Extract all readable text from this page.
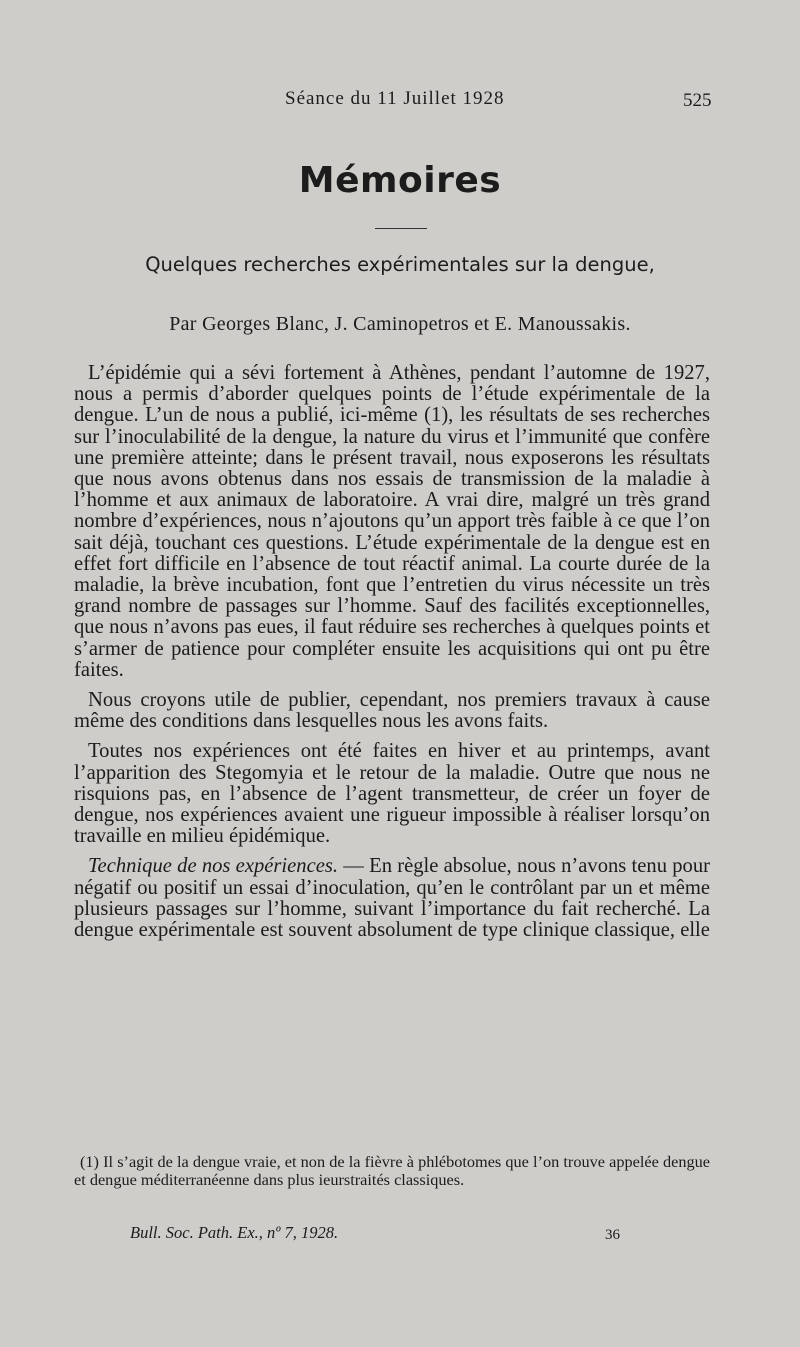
Séance du 11 Juillet 1928	525
Mémoires
Quelques recherches expérimentales sur la dengue,
Par Georges Blanc, J. Caminopetros et E. Manoussakis.

L’épidémie qui a sévi fortement à Athènes, pendant l’automne de 1927, nous a permis d’aborder quelques points de l’étude expérimentale de la dengue. L’un de nous a publié, ici-même (1), les résultats de ses recherches sur l’inoculabilité de la dengue, la nature du virus et l’immunité que confère une première atteinte; dans le présent travail, nous exposerons les résultats que nous avons obtenus dans nos essais de transmission de la maladie à l’homme et aux animaux de laboratoire. A vrai dire, malgré un très grand nombre d’expériences, nous n’ajoutons qu’un apport très faible à ce que l’on sait déjà, touchant ces questions. L’étude expérimentale de la dengue est en effet fort difficile en l’absence de tout réactif animal. La courte durée de la maladie, la brève incubation, font que l’entretien du virus nécessite un très grand nombre de passages sur l’homme. Sauf des facilités exceptionnelles, que nous n’avons pas eues, il faut réduire ses recherches à quelques points et s’armer de patience pour compléter ensuite les acquisitions qui ont pu être faites.

Nous croyons utile de publier, cependant, nos premiers travaux à cause même des conditions dans lesquelles nous les avons faits.

Toutes nos expériences ont été faites en hiver et au printemps, avant l’apparition des Stegomyia et le retour de la maladie. Outre que nous ne risquions pas, en l’absence de l’agent transmetteur, de créer un foyer de dengue, nos expériences avaient une rigueur impossible à réaliser lorsqu’on travaille en milieu épidémique.

Technique de nos expériences. — En règle absolue, nous n’avons tenu pour négatif ou positif un essai d’inoculation, qu’en le contrôlant par un et même plusieurs passages sur l’homme, suivant l’importance du fait recherché. La dengue expérimentale est souvent absolument de type clinique classique, elle

(1) Il s’agit de la dengue vraie, et non de la fièvre à phlébotomes que l’on trouve appelée dengue et dengue méditerranéenne dans plus ieurstraités classiques.
Bull. Soc. Path. Ex., nº 7, 1928.	36
